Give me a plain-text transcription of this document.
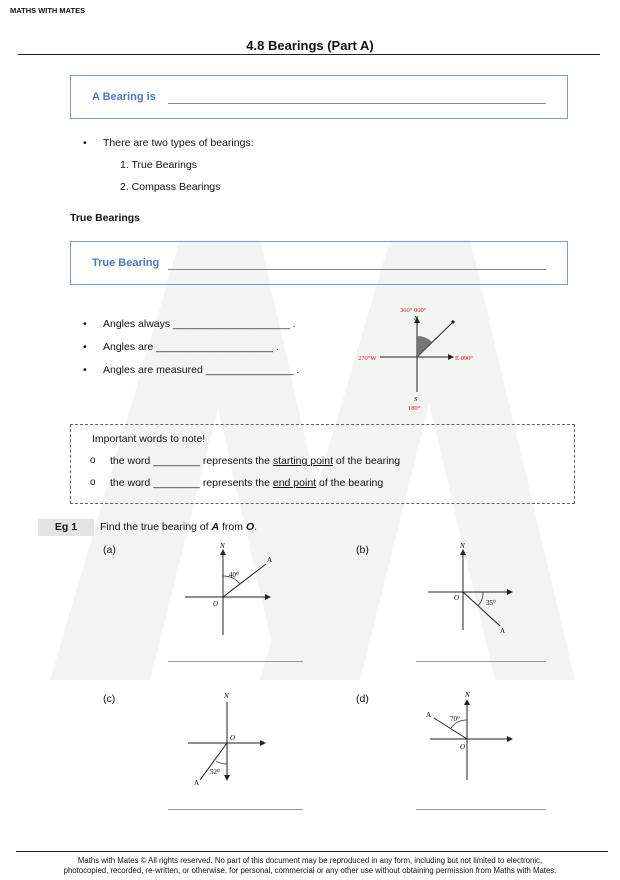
MATHS WITH MATES
4.8 Bearings (Part A)
A Bearing is
• There are two types of bearings:
1. True Bearings
2. Compass Bearings
True Bearings
True Bearing
• Angles always ____________________ .
• Angles are ____________________ .
• Angles are measured _______________ .
360° 000°
N
270°W	E 090°
S
180°
Important words to note!
o the word ________ represents the starting point of the bearing
o the word ________ represents the end point of the bearing
Eg 1	Find the true bearing of A from O.
(a)	N
A
O
40⁰
(b)	N
A
O
35⁰
(c)	N
A
O
52⁰
(d)	N
A
O
70⁰
Maths with Mates © All rights reserved. No part of this document may be reproduced in any form, including but not limited to electronic,
photocopied, recorded, re-written, or otherwise, for personal, commercial or any other use without obtaining permission from Maths with Mates.
